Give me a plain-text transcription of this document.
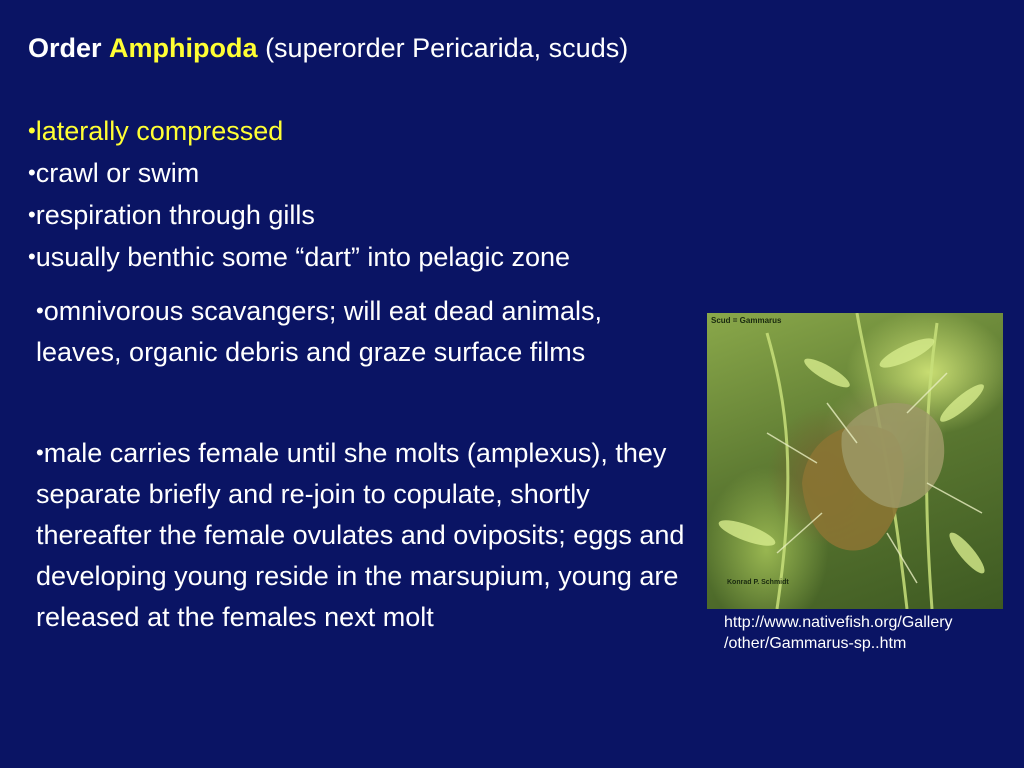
Order Amphipoda (superorder Pericarida, scuds)
•laterally compressed
•crawl or swim
•respiration through gills
•usually benthic some “dart” into pelagic zone

•omnivorous scavangers; will eat dead animals, leaves, organic debris and graze surface films

•male carries female until she molts (amplexus), they separate briefly and re-join to copulate, shortly thereafter the female ovulates and oviposits; eggs and developing young reside in the marsupium, young are released at the females next molt

Scud = Gammarus
Konrad P. Schmidt
http://www.nativefish.org/Gallery
/other/Gammarus-sp..htm
